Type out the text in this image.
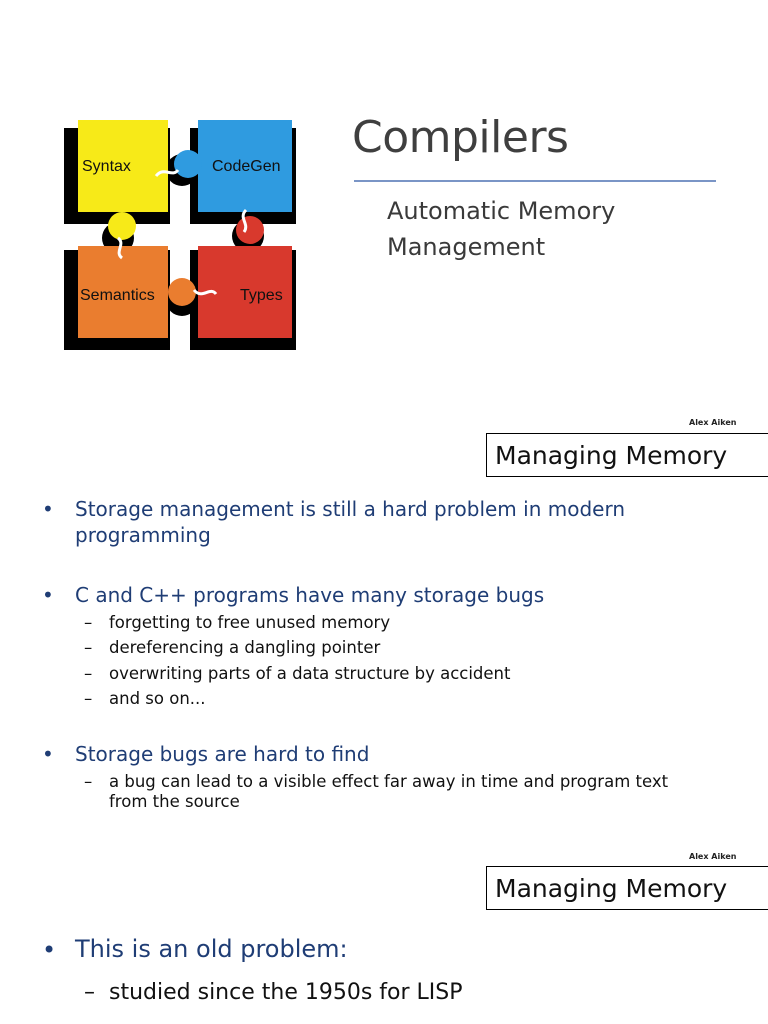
Syntax	CodeGen
Semantics	Types
Compilers
Automatic Memory
Management
Alex Aiken
Managing Memory
• Storage management is still a hard problem in modern
programming
• C and C++ programs have many storage bugs
– forgetting to free unused memory
– dereferencing a dangling pointer
– overwriting parts of a data structure by accident
– and so on...
• Storage bugs are hard to find
– a bug can lead to a visible effect far away in time and program text
from the source
Alex Aiken
Managing Memory
• This is an old problem:
– studied since the 1950s for LISP
